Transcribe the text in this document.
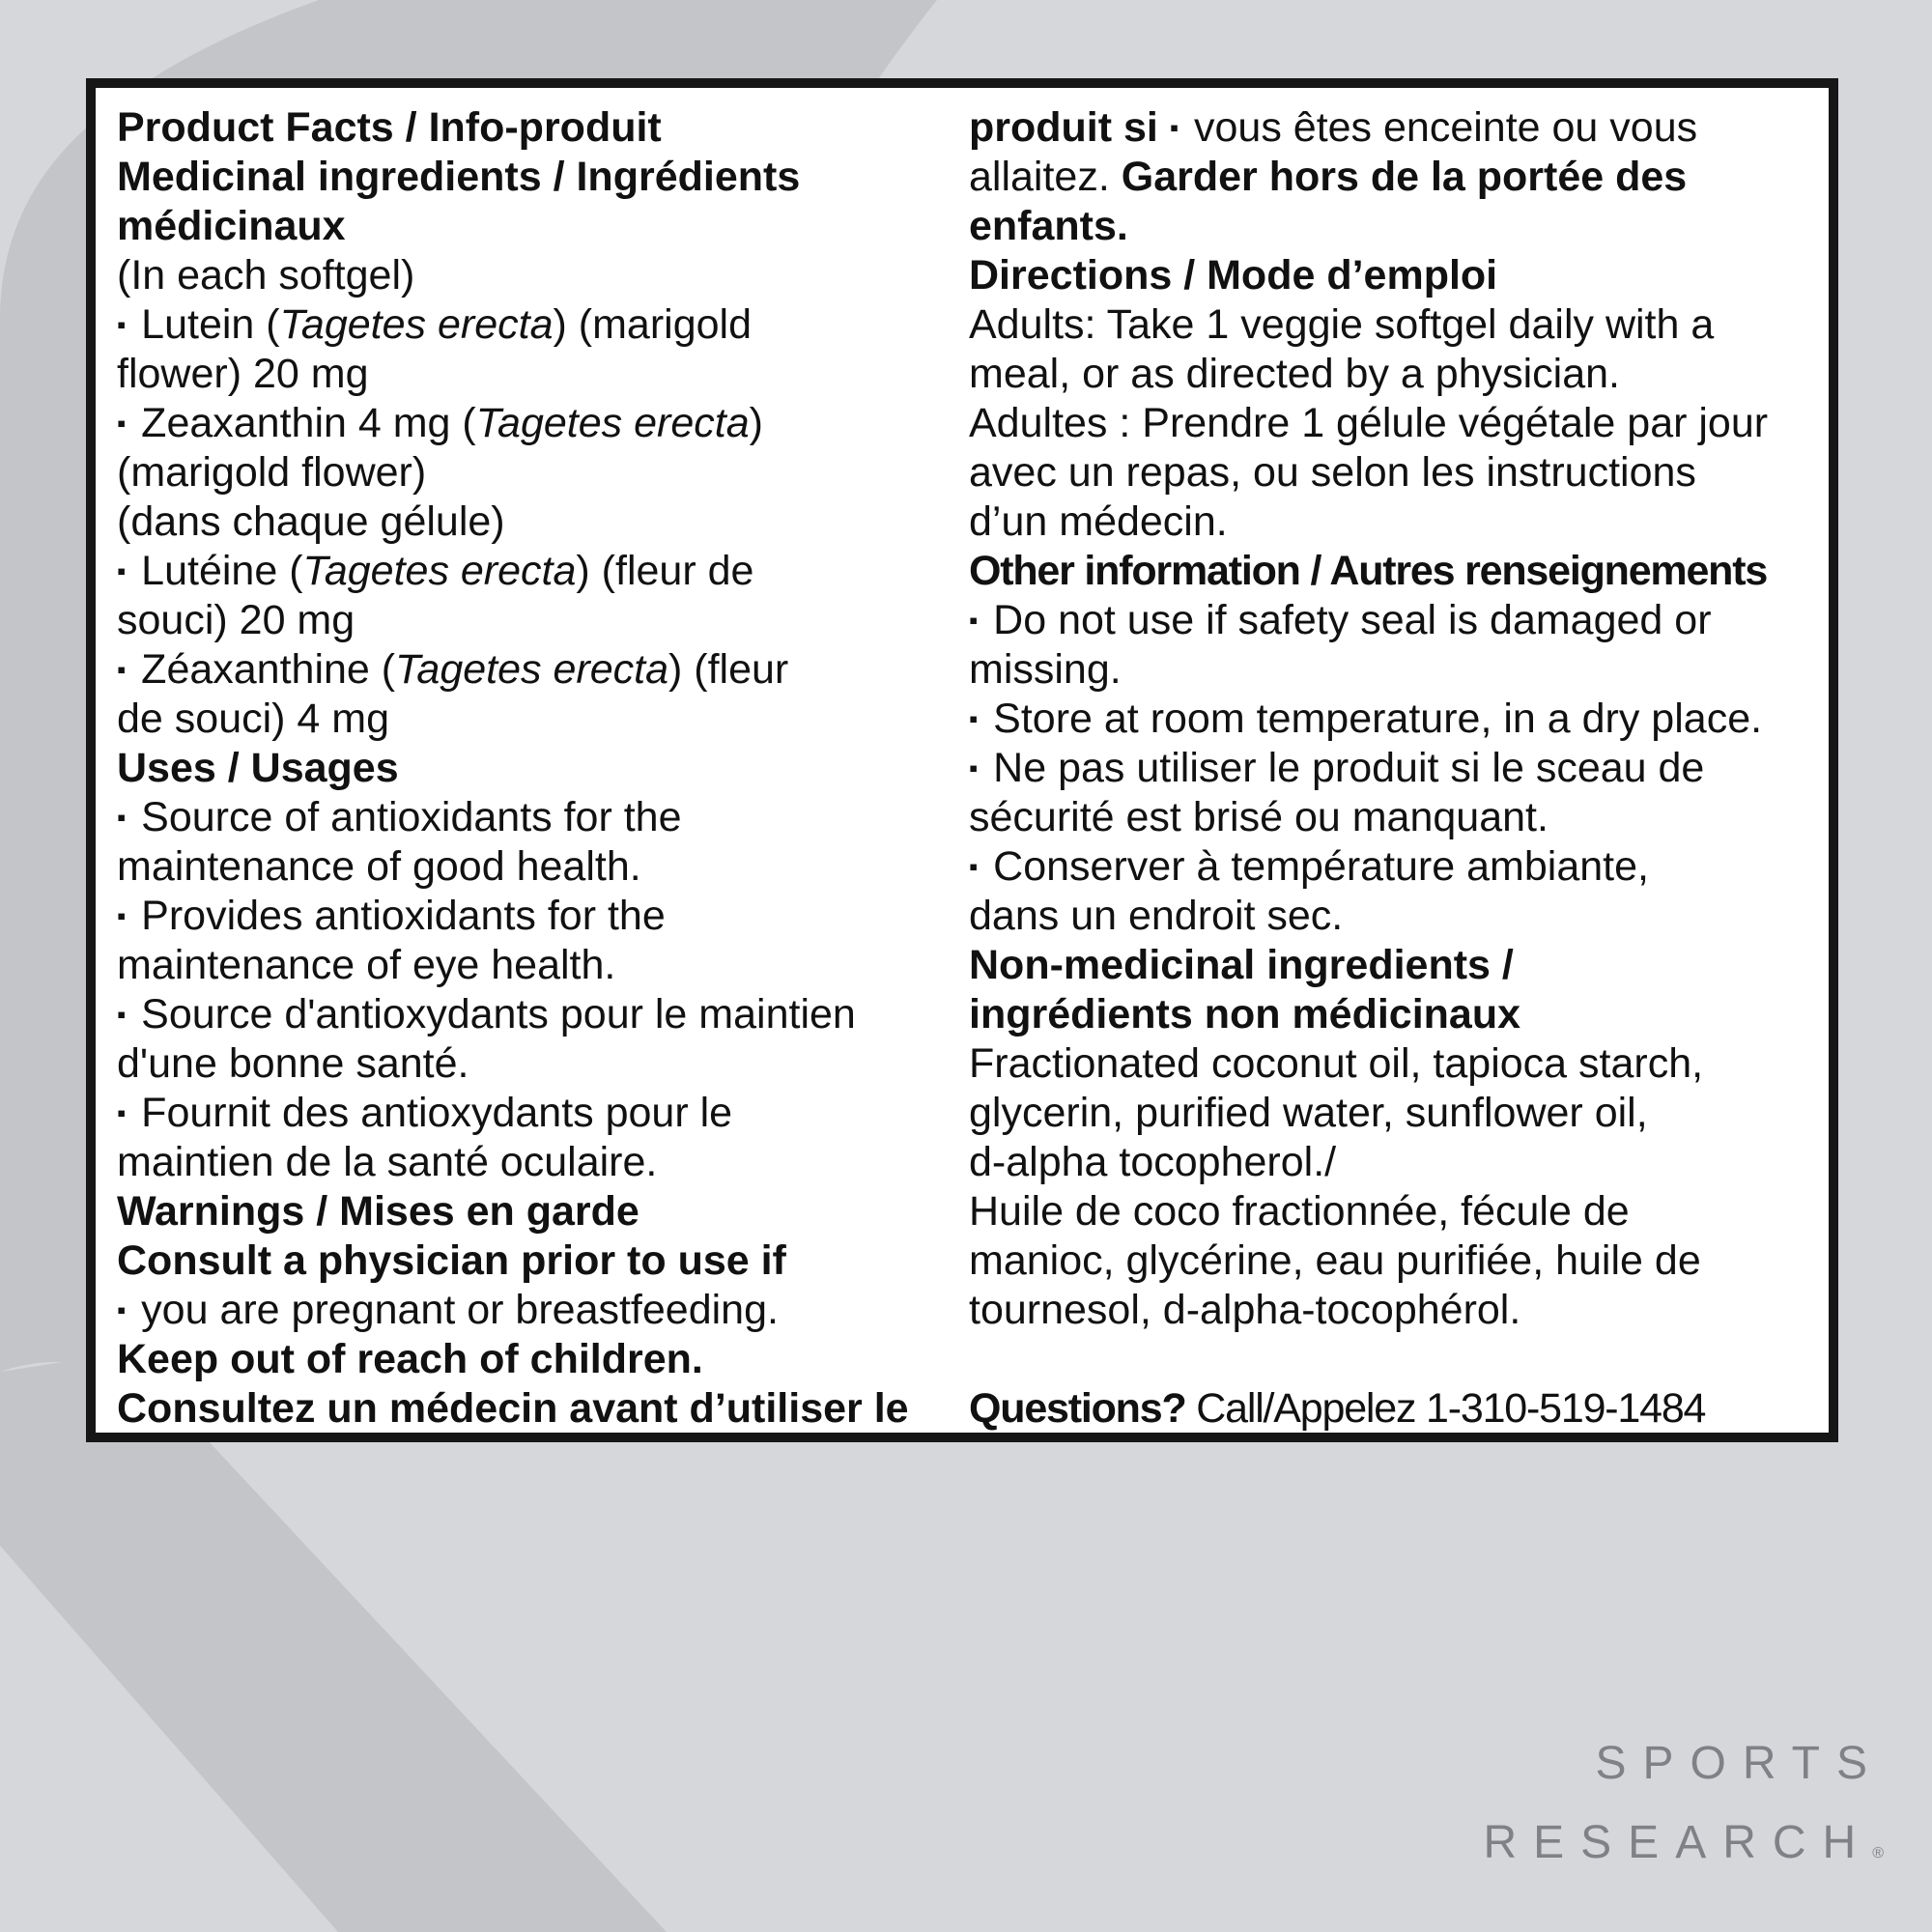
Product Facts / Info-produit
Medicinal ingredients / Ingrédients
médicinaux
(In each softgel)
▪ Lutein (Tagetes erecta) (marigold
flower) 20 mg
▪ Zeaxanthin 4 mg (Tagetes erecta)
(marigold flower)
(dans chaque gélule)
▪ Lutéine (Tagetes erecta) (fleur de
souci) 20 mg
▪ Zéaxanthine (Tagetes erecta) (fleur
de souci) 4 mg
Uses / Usages
▪ Source of antioxidants for the
maintenance of good health.
▪ Provides antioxidants for the
maintenance of eye health.
▪ Source d'antioxydants pour le maintien
d'une bonne santé.
▪ Fournit des antioxydants pour le
maintien de la santé oculaire.
Warnings / Mises en garde
Consult a physician prior to use if
▪ you are pregnant or breastfeeding.
Keep out of reach of children.
Consultez un médecin avant d’utiliser le
produit si ▪ vous êtes enceinte ou vous
allaitez. Garder hors de la portée des
enfants.
Directions / Mode d’emploi
Adults: Take 1 veggie softgel daily with a
meal, or as directed by a physician.
Adultes : Prendre 1 gélule végétale par jour
avec un repas, ou selon les instructions
d’un médecin.
Other information / Autres renseignements
▪ Do not use if safety seal is damaged or
missing.
▪ Store at room temperature, in a dry place.
▪ Ne pas utiliser le produit si le sceau de
sécurité est brisé ou manquant.
▪ Conserver à température ambiante,
dans un endroit sec.
Non-medicinal ingredients /
ingrédients non médicinaux
Fractionated coconut oil, tapioca starch,
glycerin, purified water, sunflower oil,
d-alpha tocopherol./
Huile de coco fractionnée, fécule de
manioc, glycérine, eau purifiée, huile de
tournesol, d-alpha-tocophérol.
Questions? Call/Appelez 1-310-519-1484
SPORTS
RESEARCH®
